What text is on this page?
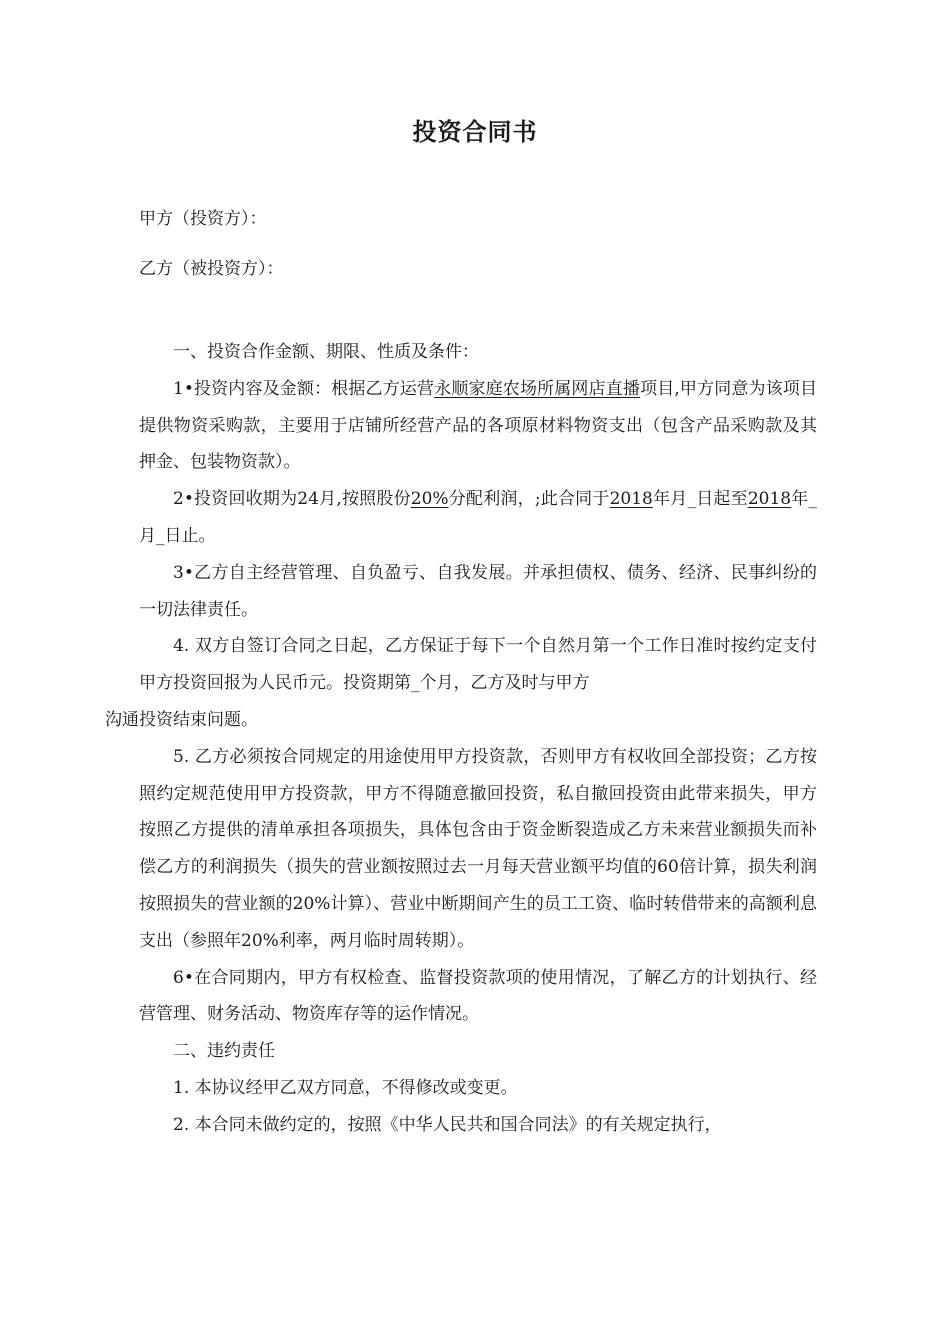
投资合同书
甲方（投资方）：
乙方（被投资方）：

一、投资合作金额、期限、性质及条件：

1•投资内容及金额：根据乙方运营永顺家庭农场所属网店直播项目,甲方同意为该项目提供物资采购款，主要用于店铺所经营产品的各项原材料物资支出（包含产品采购款及其押金、包装物资款）。

2•投资回收期为24月,按照股份20%分配利润，;此合同于2018年月_日起至2018年_月_日止。

3•乙方自主经营管理、自负盈亏、自我发展。并承担债权、债务、经济、民事纠纷的一切法律责任。

4. 双方自签订合同之日起，乙方保证于每下一个自然月第一个工作日准时按约定支付甲方投资回报为人民币元。投资期第_个月，乙方及时与甲方
沟通投资结束问题。

5. 乙方必须按合同规定的用途使用甲方投资款，否则甲方有权收回全部投资；乙方按照约定规范使用甲方投资款，甲方不得随意撤回投资，私自撤回投资由此带来损失，甲方按照乙方提供的清单承担各项损失，具体包含由于资金断裂造成乙方未来营业额损失而补偿乙方的利润损失（损失的营业额按照过去一月每天营业额平均值的60倍计算，损失利润按照损失的营业额的20%计算）、营业中断期间产生的员工工资、临时转借带来的高额利息支出（参照年20%利率，两月临时周转期）。

6•在合同期内，甲方有权检查、监督投资款项的使用情况，了解乙方的计划执行、经营管理、财务活动、物资库存等的运作情况。

二、违约责任

1. 本协议经甲乙双方同意，不得修改或变更。

2. 本合同未做约定的，按照《中华人民共和国合同法》的有关规定执行，
